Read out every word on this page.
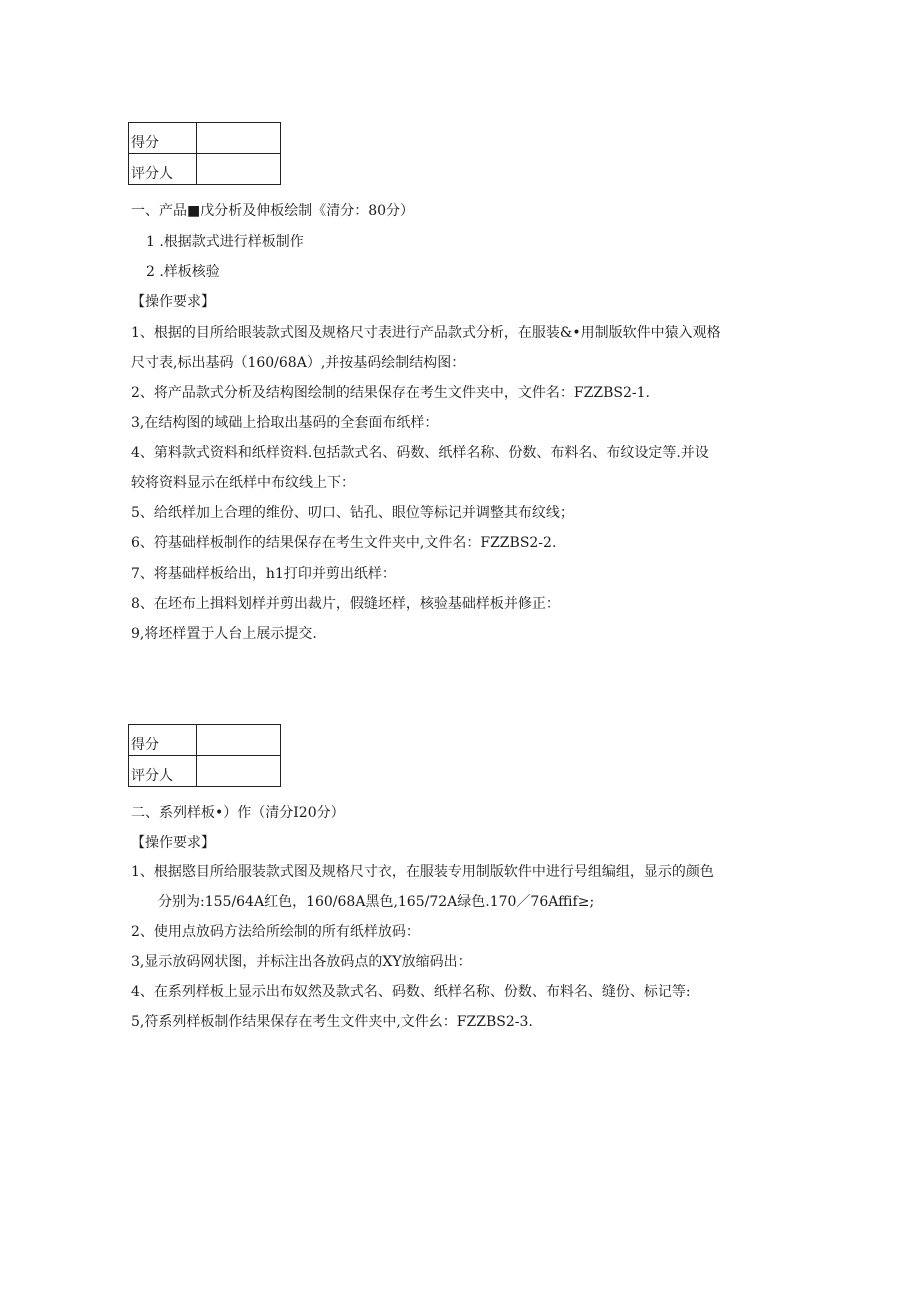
得分	
评分人	
一、产品■戊分析及伸板绘制《清分：80分）
1 .根据款式进行样板制作
2 .样板核验
【操作要求】
1、根据的目所给眼装款式图及规格尺寸表进行产品款式分析，在服装&•用制版软件中猿入观格
尺寸表,标出基码（160/68A）,并按基码绘制结构图：
2、将产品款式分析及结构图绘制的结果保存在考生文件夹中，文件名：FZZBS2-1.
3,在结构图的域础上拾取出基码的全套面布纸样：
4、第料款式资料和纸样资料.包括款式名、码数、纸样名称、份数、布料名、布纹设定等.并设
较将资料显示在纸样中布纹线上下：
5、给纸样加上合理的维份、叨口、钻孔、眼位等标记并调整其布纹线；
6、符基础样板制作的结果保存在考生文件夹中,文件名：FZZBS2-2.
7、将基础样板给出，h1打印并剪出纸样：
8、在坯布上揖料划样并剪出裁片，假缝坯样，核验基础样板并修正：
9,将坯样置于人台上展示提交.
得分	
评分人	
二、系列样板•）作（清分I20分）
【操作要求】
1、根据愍目所给服装款式图及规格尺寸衣，在服装专用制版软件中进行号组编组，显示的颜色
分别为:155/64A红色，160/68A黑色,165/72A绿色.170／76Affif≥;
2、使用点放码方法给所绘制的所有纸样放码：
3,显示放码网状图，并标注出各放码点的XY放缩码出：
4、在系列样板上显示出布奴然及款式名、码数、纸样名称、份数、布料名、缝份、标记等:
5,符系列样板制作结果保存在考生文件夹中,文件幺：FZZBS2-3.
